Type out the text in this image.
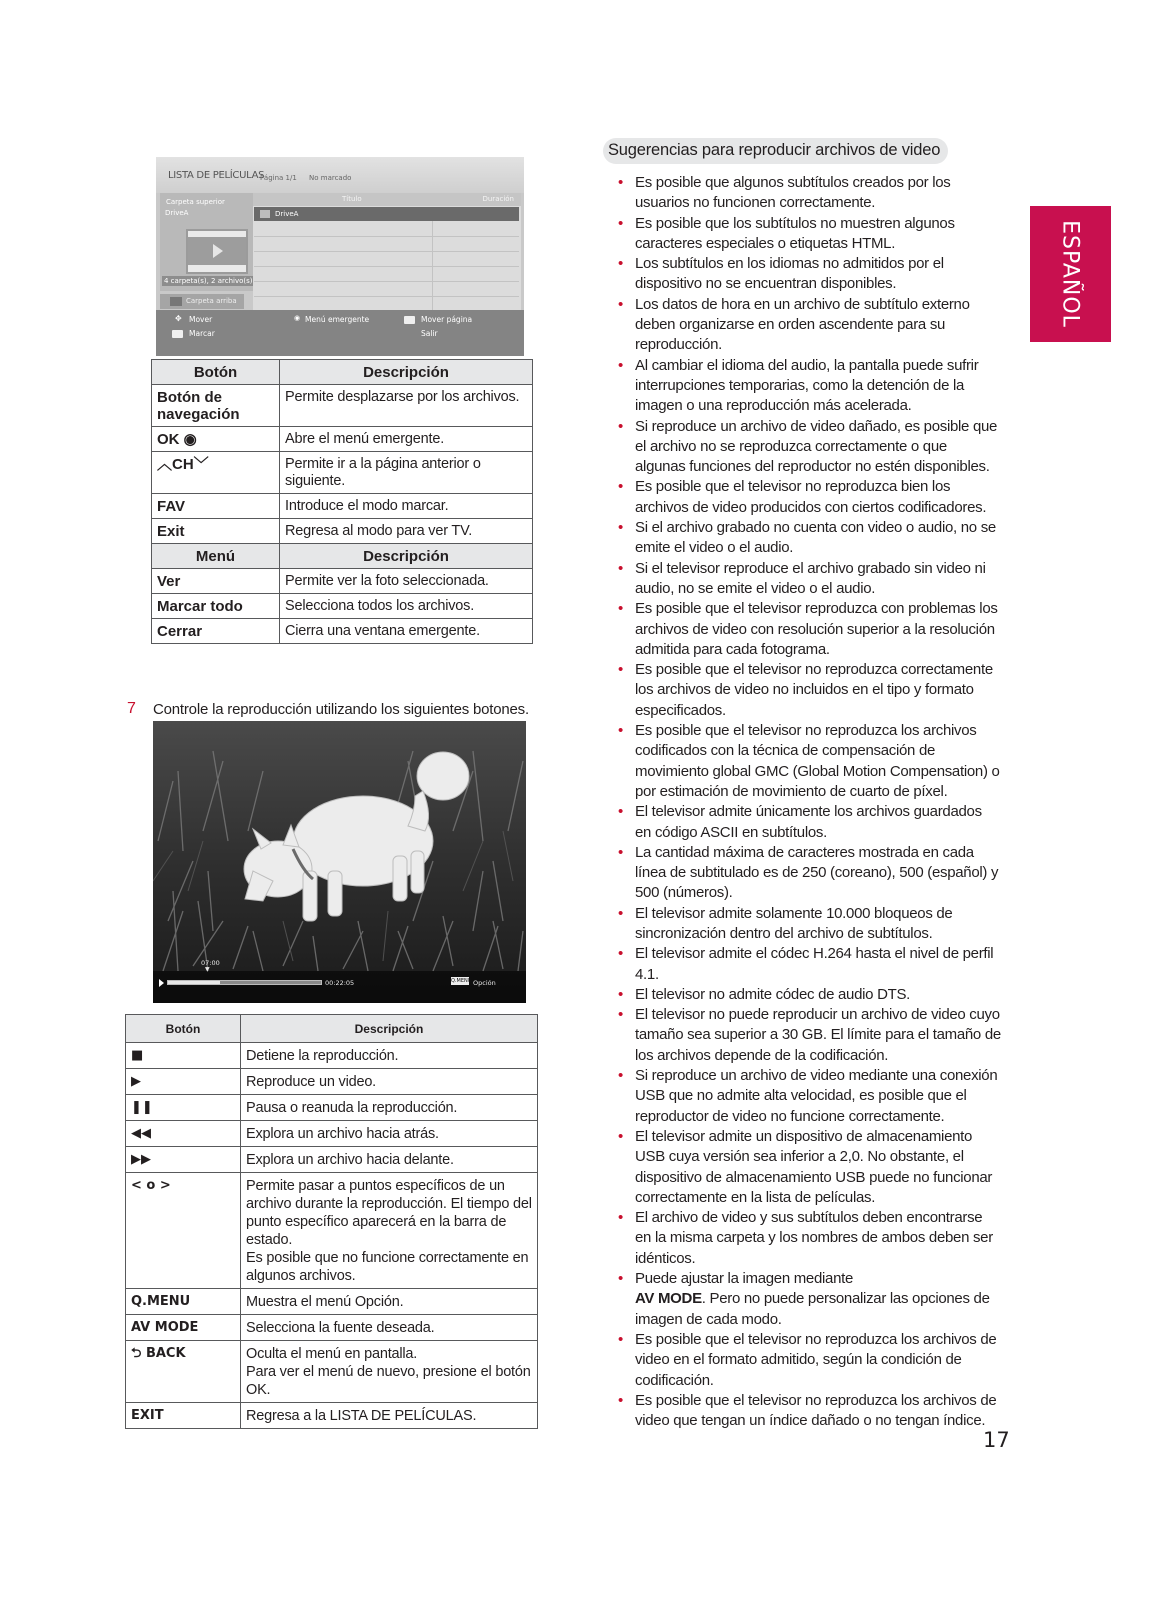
LISTA DE PELÍCULAS
Página 1/1 No marcado
Carpeta superior
DriveA
4 carpeta(s), 2 archivo(s)
Carpeta arriba
Título	Duración
DriveA
✥ Mover	◉ Menú emergente	Mover página
Marcar	Salir
Botón	Descripción
Botón de navegación	Permite desplazarse por los archivos.
OK ◉	Abre el menú emergente.
︿CH﹀	Permite ir a la página anterior o siguiente.
FAV	Introduce el modo marcar.
Exit	Regresa al modo para ver TV.
Menú	Descripción
Ver	Permite ver la foto seleccionada.
Marcar todo	Selecciona todos los archivos.
Cerrar	Cierra una ventana emergente.
7 Controle la reproducción utilizando los siguientes botones.
07:00
▼
00:22:05	Q.MENU Opción
Botón	Descripción
■	Detiene la reproducción.
▶	Reproduce un video.
❚❚	Pausa o reanuda la reproducción.
◀◀	Explora un archivo hacia atrás.
▶▶	Explora un archivo hacia delante.
< o >	Permite pasar a puntos específicos de un archivo durante la reproducción. El tiempo del punto específico aparecerá en la barra de estado.
Es posible que no funcione correctamente en algunos archivos.
Q.MENU	Muestra el menú Opción.
AV MODE	Selecciona la fuente deseada.
⮌ BACK	Oculta el menú en pantalla.
Para ver el menú de nuevo, presione el botón OK.
EXIT	Regresa a la LISTA DE PELÍCULAS.
Sugerencias para reproducir archivos de video
• Es posible que algunos subtítulos creados por los usuarios no funcionen correctamente.
• Es posible que los subtítulos no muestren algunos caracteres especiales o etiquetas HTML.
• Los subtítulos en los idiomas no admitidos por el dispositivo no se encuentran disponibles.
• Los datos de hora en un archivo de subtítulo externo deben organizarse en orden ascendente para su reproducción.
• Al cambiar el idioma del audio, la pantalla puede sufrir interrupciones temporarias, como la detención de la imagen o una reproducción más acelerada.
• Si reproduce un archivo de video dañado, es posible que el archivo no se reproduzca correctamente o que algunas funciones del reproductor no estén disponibles.
• Es posible que el televisor no reproduzca bien los archivos de video producidos con ciertos codificadores.
• Si el archivo grabado no cuenta con video o audio, no se emite el video o el audio.
• Si el televisor reproduce el archivo grabado sin video ni audio, no se emite el video o el audio.
• Es posible que el televisor reproduzca con problemas los archivos de video con resolución superior a la resolución admitida para cada fotograma.
• Es posible que el televisor no reproduzca correctamente los archivos de video no incluidos en el tipo y formato especificados.
• Es posible que el televisor no reproduzca los archivos codificados con la técnica de compensación de movimiento global GMC (Global Motion Compensation) o por estimación de movimiento de cuarto de píxel.
• El televisor admite únicamente los archivos guardados en código ASCII en subtítulos.
• La cantidad máxima de caracteres mostrada en cada línea de subtitulado es de 250 (coreano), 500 (español) y 500 (números).
• El televisor admite solamente 10.000 bloqueos de sincronización dentro del archivo de subtítulos.
• El televisor admite el códec H.264 hasta el nivel de perfil 4.1.
• El televisor no admite códec de audio DTS.
• El televisor no puede reproducir un archivo de video cuyo tamaño sea superior a 30 GB. El límite para el tamaño de los archivos depende de la codificación.
• Si reproduce un archivo de video mediante una conexión USB que no admite alta velocidad, es posible que el reproductor de video no funcione correctamente.
• El televisor admite un dispositivo de almacenamiento USB cuya versión sea inferior a 2,0. No obstante, el dispositivo de almacenamiento USB puede no funcionar correctamente en la lista de películas.
• El archivo de video y sus subtítulos deben encontrarse en la misma carpeta y los nombres de ambos deben ser idénticos.
• Puede ajustar la imagen mediante
AV MODE. Pero no puede personalizar las opciones de imagen de cada modo.
• Es posible que el televisor no reproduzca los archivos de video en el formato admitido, según la condición de codificación.
• Es posible que el televisor no reproduzca los archivos de video que tengan un índice dañado o no tengan índice.
ESPAÑOL
17
